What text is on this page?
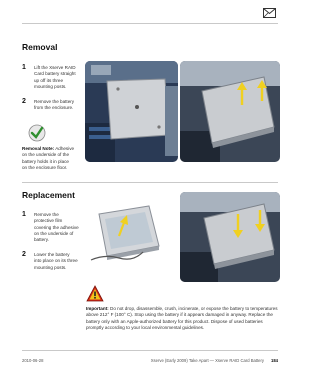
Removal
1 Lift the Xserve RAID
Card battery straight
up off its three
mounting posts.
2 Remove the battery
from the enclosure.
Removal Note: Adhesive
on the underside of the
battery holds it in place
on the enclosure floor.
Replacement
1 Remove the
protective film
covering the adhesive
on the underside of
battery.
2 Lower the battery
into place on its three
mounting posts.
Important: Do not drop, disassemble, crush, incinerate, or expose the battery to temperatures
above 212° F (100° C). Stop using the battery if it appears damaged in anyway. Replace the
battery only with an Apple-authorized battery for this product. Dispose of used batteries
promptly according to your local environmental guidelines.
2010-06-28	Xserve (Early 2009) Take Apart — Xserve RAID Card Battery 184
